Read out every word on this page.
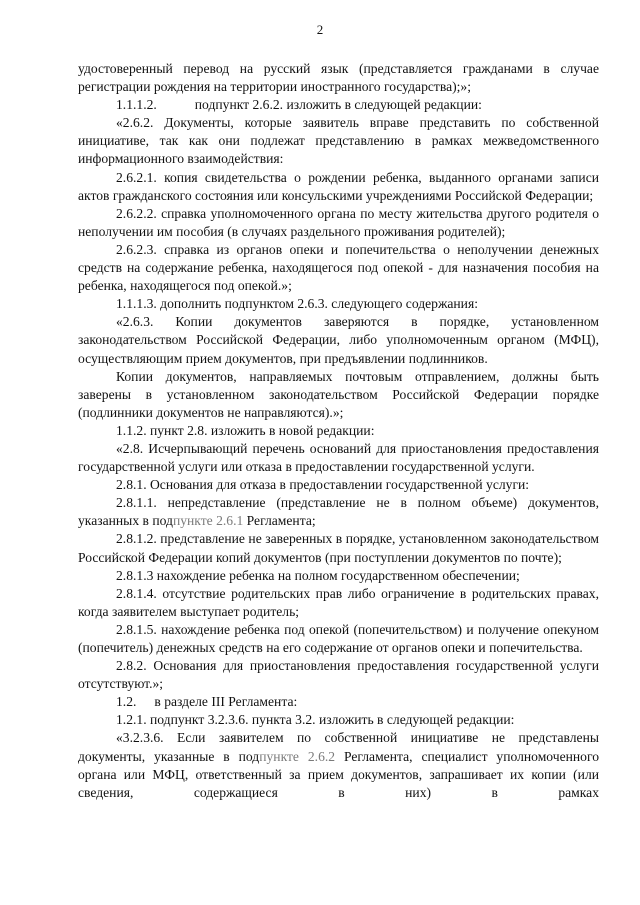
2

удостоверенный перевод на русский язык (представляется гражданами в случае регистрации рождения на территории иностранного государства);»;

1.1.1.2.	подпункт 2.6.2. изложить в следующей редакции:

«2.6.2. Документы, которые заявитель вправе представить по собственной инициативе, так как они подлежат представлению в рамках межведомственного информационного взаимодействия:

2.6.2.1. копия свидетельства о рождении ребенка, выданного органами записи актов гражданского состояния или консульскими учреждениями Российской Федерации;

2.6.2.2. справка уполномоченного органа по месту жительства другого родителя о неполучении им пособия (в случаях раздельного проживания родителей);

2.6.2.3. справка из органов опеки и попечительства о неполучении денежных средств на содержание ребенка, находящегося под опекой - для назначения пособия на ребенка, находящегося под опекой.»;

1.1.1.3. дополнить подпунктом 2.6.3. следующего содержания:

«2.6.3. Копии документов заверяются в порядке, установленном законодательством Российской Федерации, либо уполномоченным органом (МФЦ), осуществляющим прием документов, при предъявлении подлинников.

Копии документов, направляемых почтовым отправлением, должны быть заверены в установленном законодательством Российской Федерации порядке (подлинники документов не направляются).»;

1.1.2. пункт 2.8. изложить в новой редакции:

«2.8. Исчерпывающий перечень оснований для приостановления предоставления государственной услуги или отказа в предоставлении государственной услуги.

2.8.1. Основания для отказа в предоставлении государственной услуги:

2.8.1.1. непредставление (представление не в полном объеме) документов, указанных в подпункте 2.6.1 Регламента;

2.8.1.2. представление не заверенных в порядке, установленном законодательством Российской Федерации копий документов (при поступлении документов по почте);

2.8.1.3 нахождение ребенка на полном государственном обеспечении;

2.8.1.4. отсутствие родительских прав либо ограничение в родительских правах, когда заявителем выступает родитель;

2.8.1.5. нахождение ребенка под опекой (попечительством) и получение опекуном (попечитель) денежных средств на его содержание от органов опеки и попечительства.

2.8.2. Основания для приостановления предоставления государственной услуги отсутствуют.»;

1.2. в разделе III Регламента:

1.2.1. подпункт 3.2.3.6. пункта 3.2. изложить в следующей редакции:

«3.2.3.6. Если заявителем по собственной инициативе не представлены документы, указанные в подпункте 2.6.2 Регламента, специалист уполномоченного органа или МФЦ, ответственный за прием документов, запрашивает их копии (или сведения, содержащиеся в них) в рамках
